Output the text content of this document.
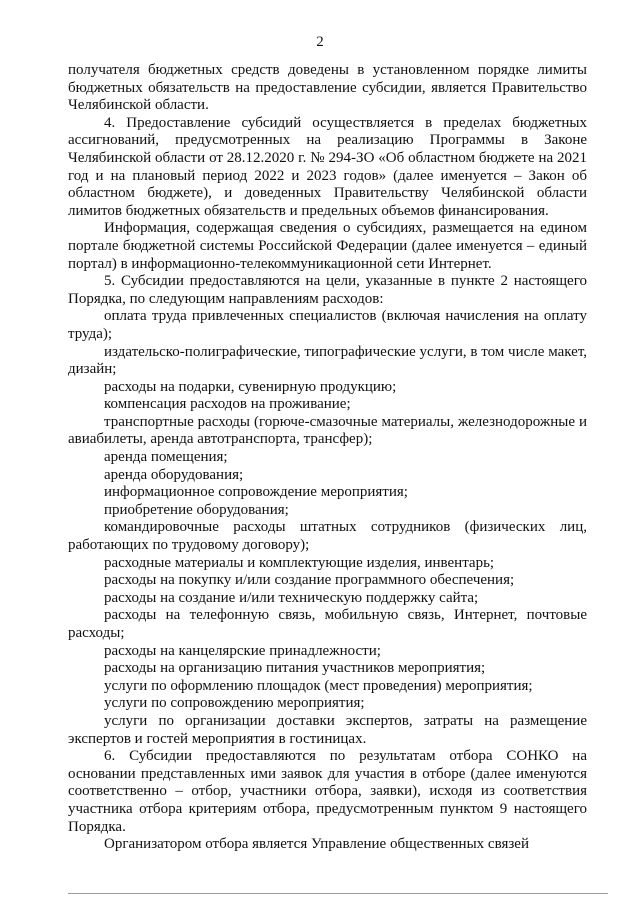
2

получателя бюджетных средств доведены в установленном порядке лимиты бюджетных обязательств на предоставление субсидии, является Правительство Челябинской области.

4. Предоставление субсидий осуществляется в пределах бюджетных ассигнований, предусмотренных на реализацию Программы в Законе Челябинской области от 28.12.2020 г. № 294-ЗО «Об областном бюджете на 2021 год и на плановый период 2022 и 2023 годов» (далее именуется – Закон об областном бюджете), и доведенных Правительству Челябинской области лимитов бюджетных обязательств и предельных объемов финансирования.

Информация, содержащая сведения о субсидиях, размещается на едином портале бюджетной системы Российской Федерации (далее именуется – единый портал) в информационно-телекоммуникационной сети Интернет.

5. Субсидии предоставляются на цели, указанные в пункте 2 настоящего Порядка, по следующим направлениям расходов:

оплата труда привлеченных специалистов (включая начисления на оплату труда);

издательско-полиграфические, типографические услуги, в том числе макет, дизайн;

расходы на подарки, сувенирную продукцию;

компенсация расходов на проживание;

транспортные расходы (горюче-смазочные материалы, железнодорожные и авиабилеты, аренда автотранспорта, трансфер);

аренда помещения;

аренда оборудования;

информационное сопровождение мероприятия;

приобретение оборудования;

командировочные расходы штатных сотрудников (физических лиц, работающих по трудовому договору);

расходные материалы и комплектующие изделия, инвентарь;

расходы на покупку и/или создание программного обеспечения;

расходы на создание и/или техническую поддержку сайта;

расходы на телефонную связь, мобильную связь, Интернет, почтовые расходы;

расходы на канцелярские принадлежности;

расходы на организацию питания участников мероприятия;

услуги по оформлению площадок (мест проведения) мероприятия;

услуги по сопровождению мероприятия;

услуги по организации доставки экспертов, затраты на размещение экспертов и гостей мероприятия в гостиницах.

6. Субсидии предоставляются по результатам отбора СОНКО на основании представленных ими заявок для участия в отборе (далее именуются соответственно – отбор, участники отбора, заявки), исходя из соответствия участника отбора критериям отбора, предусмотренным пунктом 9 настоящего Порядка.

Организатором отбора является Управление общественных связей
